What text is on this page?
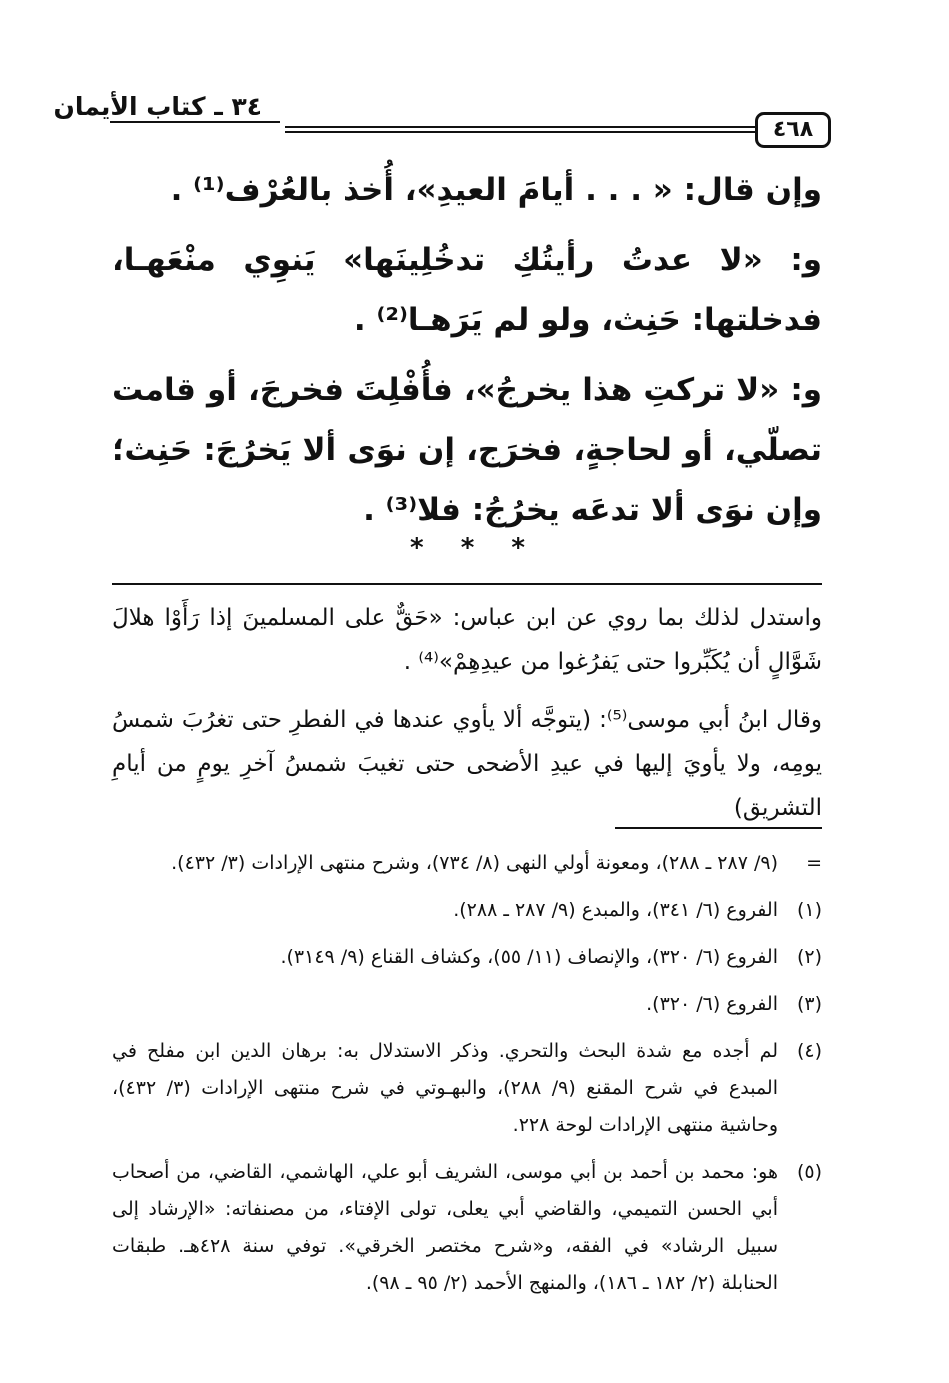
٣٤ ـ كتاب الأيمان
٤٦٨

وإن قال: « . . . أيامَ العيدِ»، أُخذ بالعُرْف⁽¹⁾ .

و: «لا عدتُ رأيتُكِ تدخُلِينَها» يَنوِي منْعَهـا، فدخلتها: حَنِث، ولو لم يَرَهـا⁽²⁾ .

و: «لا تركتِ هذا يخرجُ»، فأُفْلِتَ فخرجَ، أو قامت تصلّي، أو لحاجةٍ، فخرَج، إن نوَى ألا يَخرُجَ: حَنِث؛ وإن نوَى ألا تدعَه يخرُجُ: فلا⁽³⁾ .

* * *

واستدل لذلك بما روي عن ابن عباس: «حَقٌّ على المسلمينَ إذا رَأَوْا هلالَ شَوَّالٍ أن يُكَبِّروا حتى يَفرُغوا من عيدِهِمْ»⁽⁴⁾ .

وقال ابنُ أبي موسى⁽⁵⁾: (يتوجَّه ألا يأوي عندها في الفطرِ حتى تغرُبَ شمسُ يومِه، ولا يأويَ إليها في عيدِ الأضحى حتى تغيبَ شمسُ آخرِ يومٍ من أيامِ التشريق)

=
(٩/ ٢٨٧ ـ ٢٨٨)، ومعونة أولي النهى (٨/ ٧٣٤)، وشرح منتهى الإرادات (٣/ ٤٣٢).
(١)
الفروع (٦/ ٣٤١)، والمبدع (٩/ ٢٨٧ ـ ٢٨٨).
(٢)
الفروع (٦/ ٣٢٠)، والإنصاف (١١/ ٥٥)، وكشاف القناع (٩/ ٣١٤٩).
(٣)
الفروع (٦/ ٣٢٠).
(٤)
لم أجده مع شدة البحث والتحري. وذكر الاستدلال به: برهان الدين ابن مفلح في المبدع في شرح المقنع (٩/ ٢٨٨)، والبهـوتي في شرح منتهى الإرادات (٣/ ٤٣٢)، وحاشية منتهى الإرادات لوحة ٢٢٨.
(٥)
هو: محمد بن أحمد بن أبي موسى، الشريف أبو علي، الهاشمي، القاضي، من أصحاب أبي الحسن التميمي، والقاضي أبي يعلى، تولى الإفتاء، من مصنفاته: «الإرشاد إلى سبيل الرشاد» في الفقه، و«شرح مختصر الخرقي». توفي سنة ٤٢٨هـ. طبقات الحنابلة (٢/ ١٨٢ ـ ١٨٦)، والمنهج الأحمد (٢/ ٩٥ ـ ٩٨).
